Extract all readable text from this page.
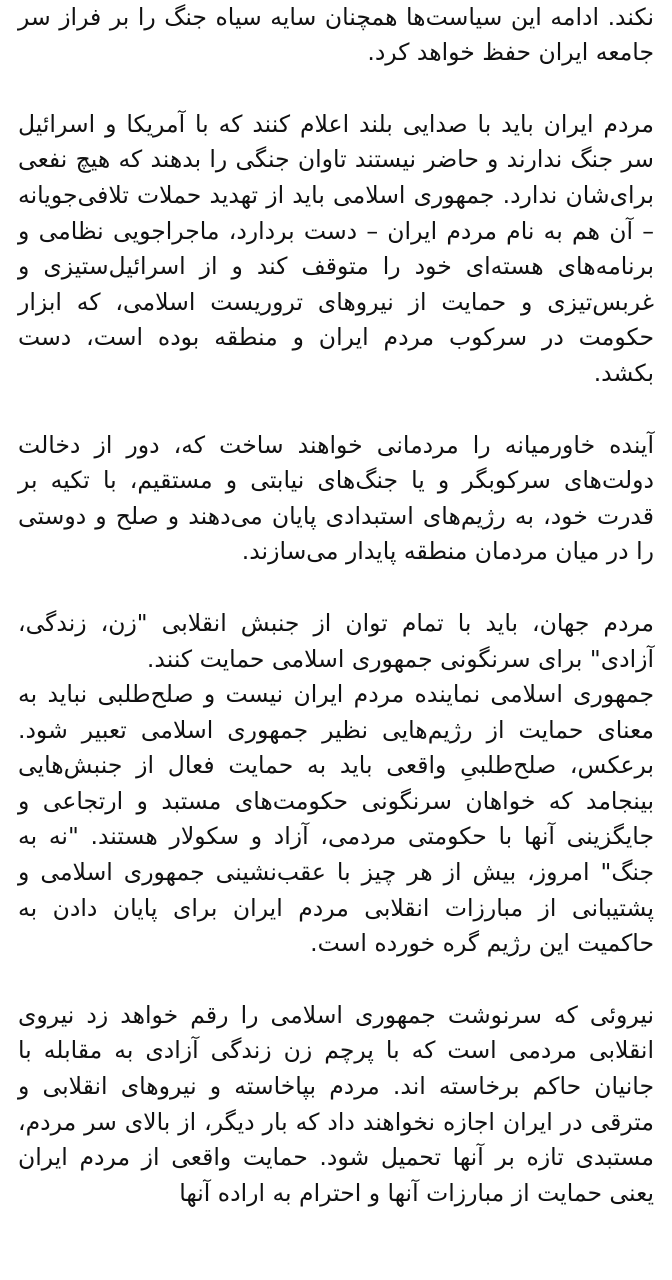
نکند. ادامه این سیاست‌ها همچنان سایه سیاه جنگ را بر فراز سر جامعه ایران حفظ خواهد کرد.

مردم ایران باید با صدایی بلند اعلام کنند که با آمریکا و اسرائیل سر جنگ ندارند و حاضر نیستند تاوان جنگی را بدهند که هیچ نفعی برای‌شان ندارد. جمهوری اسلامی باید از تهدید حملات تلافی‌جویانه – آن هم به نام مردم ایران – دست بردارد، ماجراجویی نظامی و برنامه‌های هسته‌ای خود را متوقف کند و از اسرائیل‌ستیزی و غربس‌تیزی و حمایت از نیروهای تروریست اسلامی، که ابزار حکومت در سرکوب مردم ایران و منطقه بوده است، دست بکشد.

آینده خاورمیانه را مردمانی خواهند ساخت که، دور از دخالت دولت‌های سرکوبگر و یا جنگ‌های نیابتی و مستقیم، با تکیه بر قدرت خود، به رژیم‌های استبدادی پایان می‌دهند و صلح و دوستی را در میان مردمان منطقه پایدار می‌سازند.

مردم جهان، باید با تمام توان از جنبش انقلابی "زن، زندگی، آزادی" برای سرنگونی جمهوری اسلامی حمایت کنند.
جمهوری اسلامی نماینده مردم ایران نیست و صلح‌طلبی نباید به معنای حمایت از رژیم‌هایی نظیر جمهوری اسلامی تعبیر شود. برعکس، صلح‌طلبیِ واقعی باید به حمایت فعال از جنبش‌هایی بینجامد که خواهان سرنگونی حکومت‌های مستبد و ارتجاعی و جایگزینی آنها با حکومتی مردمی، آزاد و سکولار هستند. "نه به جنگ" امروز، بیش از هر چیز با عقب‌نشینی جمهوری اسلامی و پشتیبانی از مبارزات انقلابی مردم ایران برای پایان دادن به حاکمیت این رژیم گره خورده است.

نیروئی که سرنوشت جمهوری اسلامی را رقم خواهد زد نیروی انقلابی مردمی است که با پرچم زن زندگی آزادی به مقابله با جانیان حاکم برخاسته اند. مردم بپاخاسته و نیروهای انقلابی و مترقی در ایران اجازه نخواهند داد که بار دیگر، از بالای سر مردم، مستبدی تازه بر آنها تحمیل شود. حمایت واقعی از مردم ایران یعنی حمایت از مبارزات آنها و احترام به اراده آنها
